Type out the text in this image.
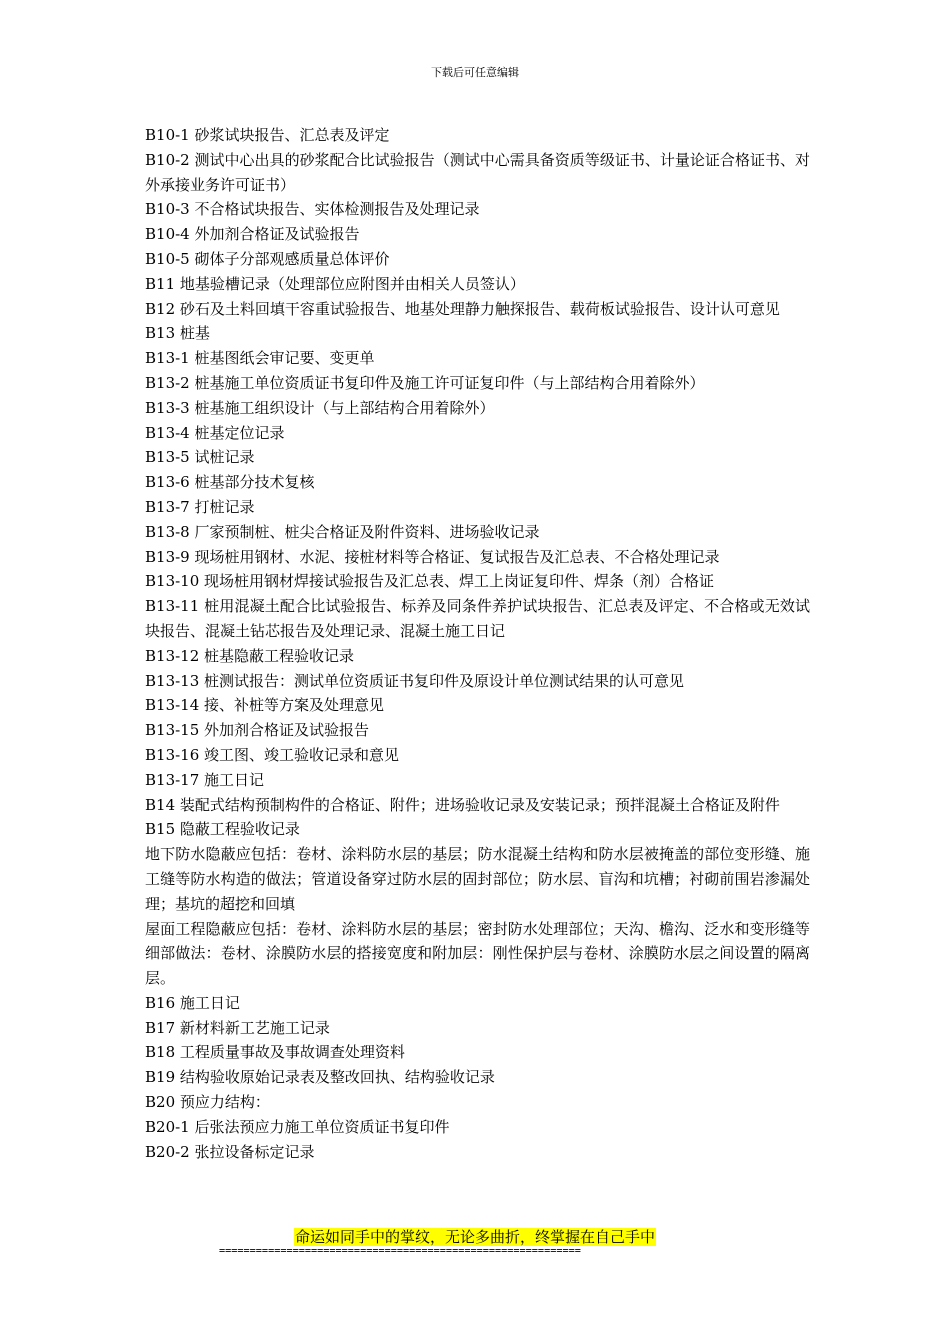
下载后可任意编辑

B10-1 砂浆试块报告、汇总表及评定

B10-2 测试中心出具的砂浆配合比试验报告（测试中心需具备资质等级证书、计量论证合格证书、对外承接业务许可证书）

B10-3 不合格试块报告、实体检测报告及处理记录

B10-4 外加剂合格证及试验报告

B10-5 砌体子分部观感质量总体评价

B11 地基验槽记录（处理部位应附图并由相关人员签认）

B12 砂石及土料回填干容重试验报告、地基处理静力触探报告、载荷板试验报告、设计认可意见

B13 桩基

B13-1 桩基图纸会审记要、变更单

B13-2 桩基施工单位资质证书复印件及施工许可证复印件（与上部结构合用着除外）

B13-3 桩基施工组织设计（与上部结构合用着除外）

B13-4 桩基定位记录

B13-5 试桩记录

B13-6 桩基部分技术复核

B13-7 打桩记录

B13-8 厂家预制桩、桩尖合格证及附件资料、进场验收记录

B13-9 现场桩用钢材、水泥、接桩材料等合格证、复试报告及汇总表、不合格处理记录

B13-10 现场桩用钢材焊接试验报告及汇总表、焊工上岗证复印件、焊条（剂）合格证

B13-11 桩用混凝土配合比试验报告、标养及同条件养护试块报告、汇总表及评定、不合格或无效试块报告、混凝土钻芯报告及处理记录、混凝土施工日记

B13-12 桩基隐蔽工程验收记录

B13-13 桩测试报告：测试单位资质证书复印件及原设计单位测试结果的认可意见

B13-14 接、补桩等方案及处理意见

B13-15 外加剂合格证及试验报告

B13-16 竣工图、竣工验收记录和意见

B13-17 施工日记

B14 装配式结构预制构件的合格证、附件；进场验收记录及安装记录；预拌混凝土合格证及附件

B15 隐蔽工程验收记录

地下防水隐蔽应包括：卷材、涂料防水层的基层；防水混凝土结构和防水层被掩盖的部位变形缝、施工缝等防水构造的做法；管道设备穿过防水层的固封部位；防水层、盲沟和坑槽；衬砌前围岩渗漏处理；基坑的超挖和回填

屋面工程隐蔽应包括：卷材、涂料防水层的基层；密封防水处理部位；天沟、檐沟、泛水和变形缝等细部做法：卷材、涂膜防水层的搭接宽度和附加层：刚性保护层与卷材、涂膜防水层之间设置的隔离层。

B16 施工日记

B17 新材料新工艺施工记录

B18 工程质量事故及事故调查处理资料

B19 结构验收原始记录表及整改回执、结构验收记录

B20 预应力结构：

B20-1 后张法预应力施工单位资质证书复印件

B20-2 张拉设备标定记录

命运如同手中的掌纹，无论多曲折，终掌握在自己手中
===========================================================
